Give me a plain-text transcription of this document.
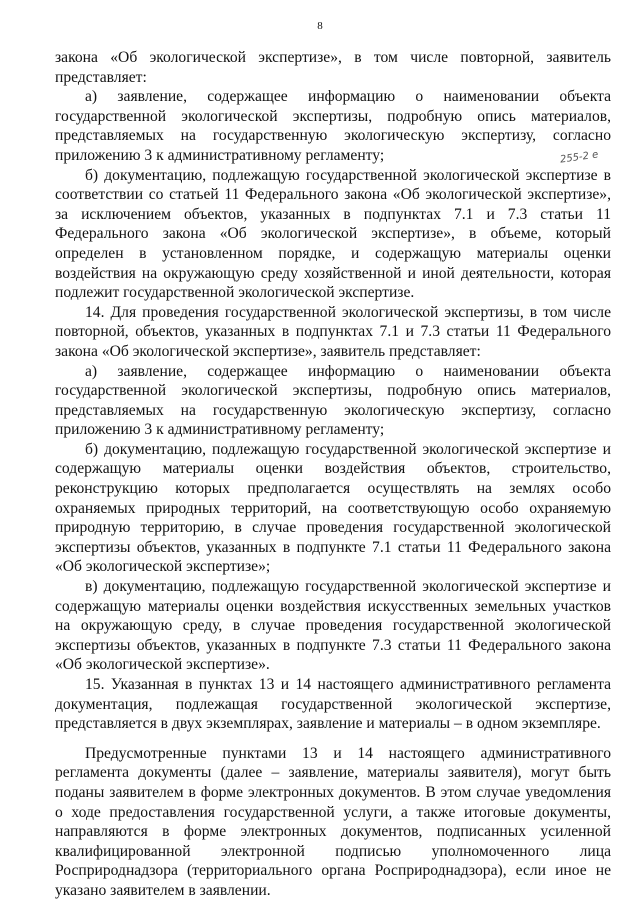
8
255-2 е

закона «Об экологической экспертизе», в том числе повторной, заявитель представляет:

а) заявление, содержащее информацию о наименовании объекта государственной экологической экспертизы, подробную опись материалов, представляемых на государственную экологическую экспертизу, согласно приложению 3 к административному регламенту;

б) документацию, подлежащую государственной экологической экспертизе в соответствии со статьей 11 Федерального закона «Об экологической экспертизе», за исключением объектов, указанных в подпунктах 7.1 и 7.3 статьи 11 Федерального закона «Об экологической экспертизе», в объеме, который определен в установленном порядке, и содержащую материалы оценки воздействия на окружающую среду хозяйственной и иной деятельности, которая подлежит государственной экологической экспертизе.

14. Для проведения государственной экологической экспертизы, в том числе повторной, объектов, указанных в подпунктах 7.1 и 7.3 статьи 11 Федерального закона «Об экологической экспертизе», заявитель представляет:

а) заявление, содержащее информацию о наименовании объекта государственной экологической экспертизы, подробную опись материалов, представляемых на государственную экологическую экспертизу, согласно приложению 3 к административному регламенту;

б) документацию, подлежащую государственной экологической экспертизе и содержащую материалы оценки воздействия объектов, строительство, реконструкцию которых предполагается осуществлять на землях особо охраняемых природных территорий, на соответствующую особо охраняемую природную территорию, в случае проведения государственной экологической экспертизы объектов, указанных в подпункте 7.1 статьи 11 Федерального закона «Об экологической экспертизе»;

в) документацию, подлежащую государственной экологической экспертизе и содержащую материалы оценки воздействия искусственных земельных участков на окружающую среду, в случае проведения государственной экологической экспертизы объектов, указанных в подпункте 7.3 статьи 11 Федерального закона «Об экологической экспертизе».

15. Указанная в пунктах 13 и 14 настоящего административного регламента документация, подлежащая государственной экологической экспертизе, представляется в двух экземплярах, заявление и материалы – в одном экземпляре.

Предусмотренные пунктами 13 и 14 настоящего административного регламента документы (далее – заявление, материалы заявителя), могут быть поданы заявителем в форме электронных документов. В этом случае уведомления о ходе предоставления государственной услуги, а также итоговые документы, направляются в форме электронных документов, подписанных усиленной квалифицированной электронной подписью уполномоченного лица Росприроднадзора (территориального органа Росприроднадзора), если иное не указано заявителем в заявлении.
